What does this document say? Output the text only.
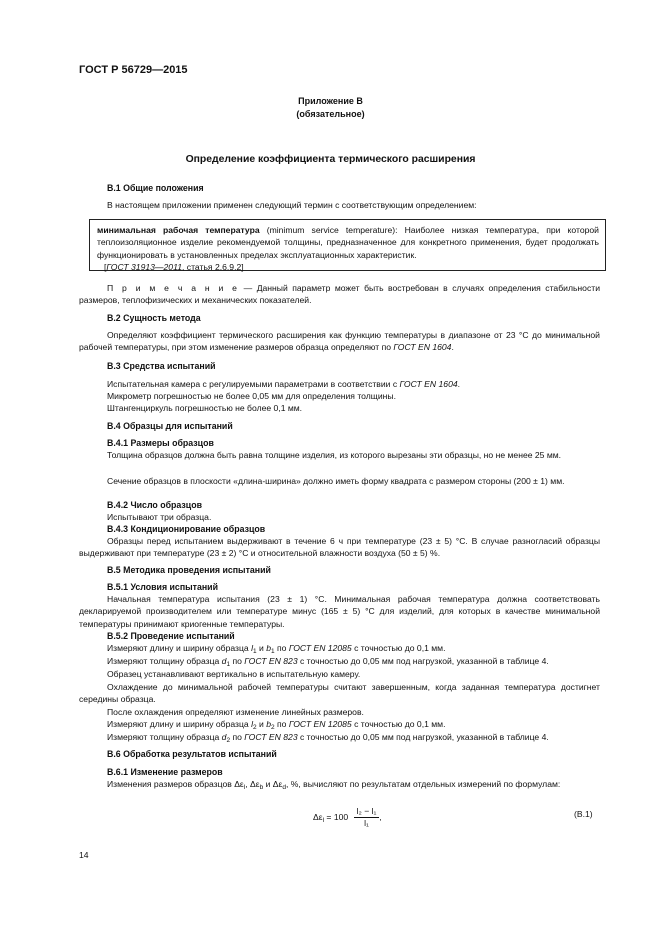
ГОСТ Р 56729—2015
Приложение В
(обязательное)
Определение коэффициента термического расширения
В.1 Общие положения
В настоящем приложении применен следующий термин с соответствующим определением:
минимальная рабочая температура (minimum service temperature): Наиболее низкая температура, при которой теплоизоляционное изделие рекомендуемой толщины, предназначенное для конкретного применения, будет продолжать функционировать в установленных пределах эксплуатационных характеристик.
[ГОСТ 31913—2011, статья 2.6.9.2]
П р и м е ч а н и е — Данный параметр может быть востребован в случаях определения стабильности размеров, теплофизических и механических показателей.
В.2 Сущность метода
Определяют коэффициент термического расширения как функцию температуры в диапазоне от 23 °С до минимальной рабочей температуры, при этом изменение размеров образца определяют по ГОСТ EN 1604.
В.3 Средства испытаний
Испытательная камера с регулируемыми параметрами в соответствии с ГОСТ EN 1604.
Микрометр погрешностью не более 0,05 мм для определения толщины.
Штангенциркуль погрешностью не более 0,1 мм.
В.4 Образцы для испытаний
В.4.1 Размеры образцов
Толщина образцов должна быть равна толщине изделия, из которого вырезаны эти образцы, но не менее 25 мм.
Сечение образцов в плоскости «длина-ширина» должно иметь форму квадрата с размером стороны (200 ± 1) мм.
В.4.2 Число образцов
Испытывают три образца.
В.4.3 Кондиционирование образцов
Образцы перед испытанием выдерживают в течение 6 ч при температуре (23 ± 5) °С. В случае разногласий образцы выдерживают при температуре (23 ± 2) °С и относительной влажности воздуха (50 ± 5) %.
В.5 Методика проведения испытаний
В.5.1 Условия испытаний
Начальная температура испытания (23 ± 1) °С. Минимальная рабочая температура должна соответствовать декларируемой производителем или температуре минус (165 ± 5) °С для изделий, для которых в качестве минимальной температуры принимают криогенные температуры.
В.5.2 Проведение испытаний
Измеряют длину и ширину образца $l_1$ и $b_1$ по ГОСТ EN 12085 с точностью до 0,1 мм.
Измеряют толщину образца $d_1$ по ГОСТ EN 823 с точностью до 0,05 мм под нагрузкой, указанной в таблице 4.
Образец устанавливают вертикально в испытательную камеру.
Охлаждение до минимальной рабочей температуры считают завершенным, когда заданная температура достигнет середины образца.
После охлаждения определяют изменение линейных размеров.
Измеряют длину и ширину образца $l_2$ и $b_2$ по ГОСТ EN 12085 с точностью до 0,1 мм.
Измеряют толщину образца $d_2$ по ГОСТ EN 823 с точностью до 0,05 мм под нагрузкой, указанной в таблице 4.
В.6 Обработка результатов испытаний
В.6.1 Изменение размеров
Изменения размеров образцов $\Delta\varepsilon_l$, $\Delta\varepsilon_b$ и $\Delta\varepsilon_d$, %, вычисляют по результатам отдельных измерений по формулам:
$\Delta\varepsilon_l = 100 \frac{\text{l₂ − l₁}}{\text{l₁}}$ ,	(В.1)
14
